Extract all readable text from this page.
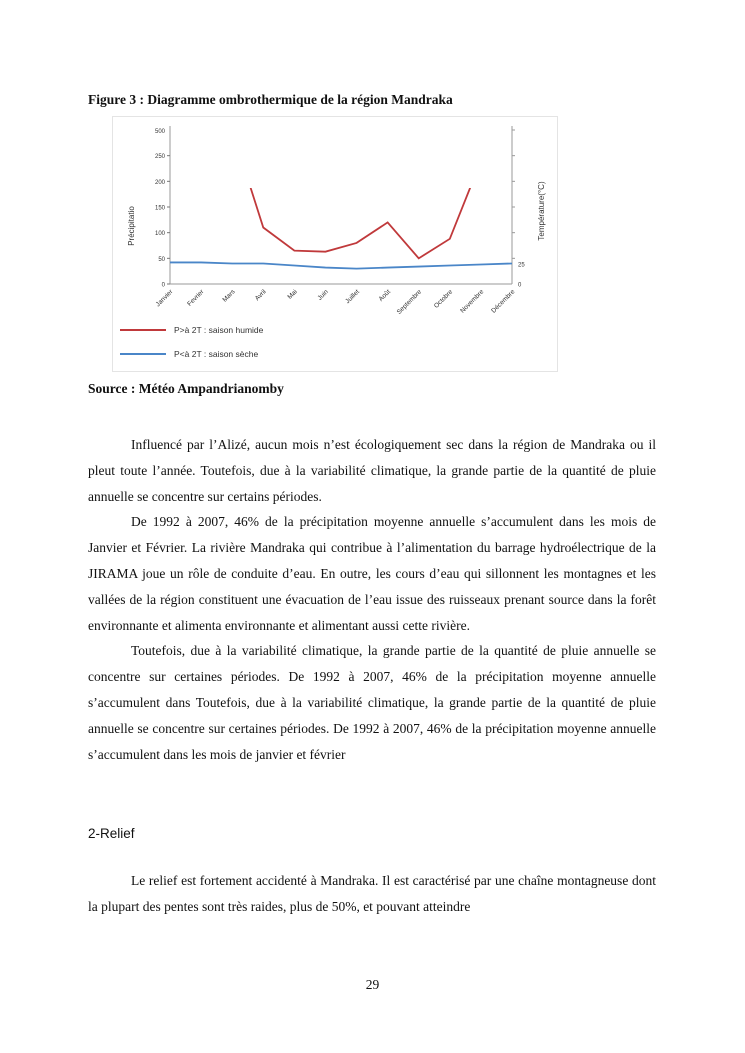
Figure 3 : Diagramme ombrothermique de la région Mandraka
Précipitatio	Température(°C)
0
50
100
150
200
250
500
0
25
Janvier Fevrier Mars	Avril	Mai	Juin Juillet	Août Septembre Octobre Novembre Décembre
P>à 2T : saison humide
P<à 2T : saison sèche
Source : Météo Ampandrianomby

Influencé par l’Alizé, aucun mois n’est écologiquement sec dans la région de Mandraka ou il pleut toute l’année. Toutefois, due à la variabilité climatique, la grande partie de la quantité de pluie annuelle se concentre sur certains périodes.

De 1992 à 2007, 46% de la précipitation moyenne annuelle s’accumulent dans les mois de Janvier et Février. La rivière Mandraka qui contribue à l’alimentation du barrage hydroélectrique de la JIRAMA joue un rôle de conduite d’eau. En outre, les cours d’eau qui sillonnent les montagnes et les vallées de la région constituent une évacuation de l’eau issue des ruisseaux prenant source dans la forêt environnante et alimenta environnante et alimentant aussi cette rivière.

Toutefois, due à la variabilité climatique, la grande partie de la quantité de pluie annuelle se concentre sur certaines périodes. De 1992 à 2007, 46% de la précipitation moyenne annuelle s’accumulent dans Toutefois, due à la variabilité climatique, la grande partie de la quantité de pluie annuelle se concentre sur certaines périodes. De 1992 à 2007, 46% de la précipitation moyenne annuelle s’accumulent dans les mois de janvier et février

2-Relief

Le relief est fortement accidenté à Mandraka. Il est caractérisé par une chaîne montagneuse dont la plupart des pentes sont très raides, plus de 50%, et pouvant atteindre

29
